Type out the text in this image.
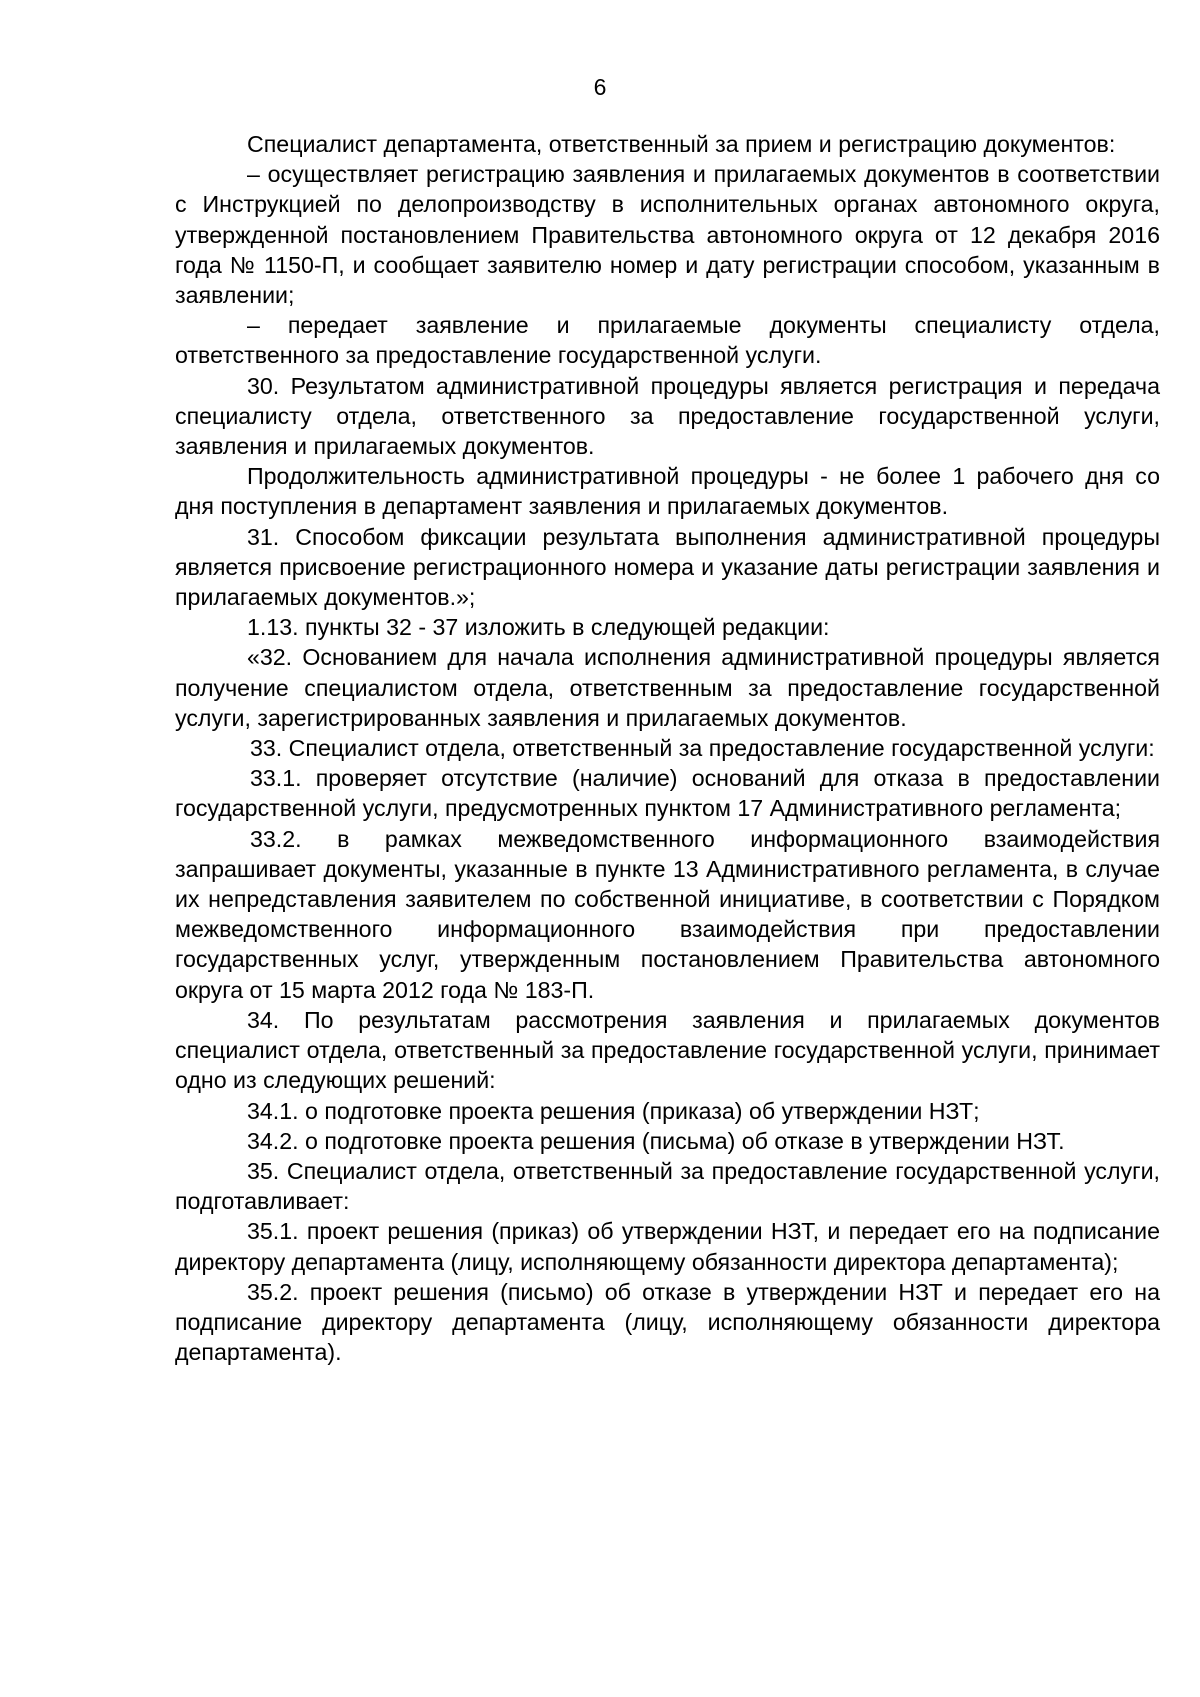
6

Специалист департамента, ответственный за прием и регистрацию документов:

– осуществляет регистрацию заявления и прилагаемых документов в соответствии с Инструкцией по делопроизводству в исполнительных органах автономного округа, утвержденной постановлением Правительства автономного округа от 12 декабря 2016 года № 1150-П, и сообщает заявителю номер и дату регистрации способом, указанным в заявлении;

– передает заявление и прилагаемые документы специалисту отдела, ответственного за предоставление государственной услуги.

30. Результатом административной процедуры является регистрация и передача специалисту отдела, ответственного за предоставление государственной услуги, заявления и прилагаемых документов.

Продолжительность административной процедуры - не более 1 рабочего дня со дня поступления в департамент заявления и прилагаемых документов.

31. Способом фиксации результата выполнения административной процедуры является присвоение регистрационного номера и указание даты регистрации заявления и прилагаемых документов.»;

1.13. пункты 32 - 37 изложить в следующей редакции:

«32. Основанием для начала исполнения административной процедуры является получение специалистом отдела, ответственным за предоставление государственной услуги, зарегистрированных заявления и прилагаемых документов.

33. Специалист отдела, ответственный за предоставление государственной услуги:

33.1. проверяет отсутствие (наличие) оснований для отказа в предоставлении государственной услуги, предусмотренных пунктом 17 Административного регламента;

33.2. в рамках межведомственного информационного взаимодействия запрашивает документы, указанные в пункте 13 Административного регламента, в случае их непредставления заявителем по собственной инициативе, в соответствии с Порядком межведомственного информационного взаимодействия при предоставлении государственных услуг, утвержденным постановлением Правительства автономного округа от 15 марта 2012 года № 183-П.

34. По результатам рассмотрения заявления и прилагаемых документов специалист отдела, ответственный за предоставление государственной услуги, принимает одно из следующих решений:

34.1. о подготовке проекта решения (приказа) об утверждении НЗТ;

34.2. о подготовке проекта решения (письма) об отказе в утверждении НЗТ.

35. Специалист отдела, ответственный за предоставление государственной услуги, подготавливает:

35.1. проект решения (приказ) об утверждении НЗТ, и передает его на подписание директору департамента (лицу, исполняющему обязанности директора департамента);

35.2. проект решения (письмо) об отказе в утверждении НЗТ и передает его на подписание директору департамента (лицу, исполняющему обязанности директора департамента).
